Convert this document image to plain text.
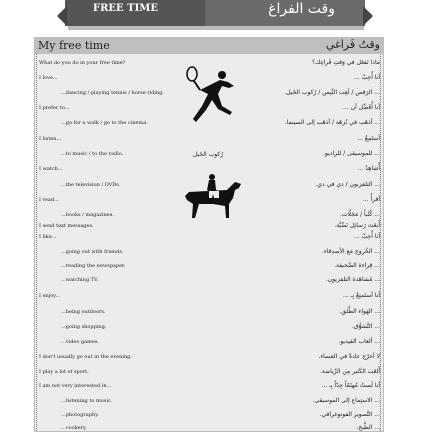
FREE TIME	وقت الفراغ
My free time	وقتُ فَراغي
What do you do in your free time?	ماذا تَفعَل في وَقتِ فَراغِك؟
I love...	أنا أُحِبّ ...
...dancing / playing tennis / horse riding.	... الرَقص / لَعِب التِّنِس / رُكوب الخَيل.
I prefer to...	أنا أُفَضِّل أن ...
...go for a walk / go to the cinema.	... أذهَب في نُزهَة / أذهَب إلى السينما.
I listen...	أستَمِعُ ...
...to music / to the radio.	... للموسيقى / للراديو.
I watch...	أُشاهِدُ ...
...the television / DVDs.	... التلفزيون / دي في دي.
I read...	أقرأُ ...
...books / magazines.	... كُتُباً / مَجَلّات.
I send text messages.	أَبعَث رَسائِل نَصِّيَّة.
I like...	أنا أُحِبّ ...
...going out with friends.	... الخُروج مَع الأصدِقاء.
...reading the newspaper.	... قِراءة الصَّحيفة.
...watching TV.	... مُشاهَدة التلفزيون.
I enjoy...	أنا أستَمتِعُ بِـ ...
...being outdoors.	... الهَواء الطَّلق.
...going shopping.	... التَّسَوُّق.
...video games.	... ألعاب الفيديو.
I don't usually go out in the evening.	لا أخرُج عادةً في المَساء.
I play a lot of sport.	أَلعَب الكَثير مِن الرِّياضة.
I am not very interested in...	أنا لَستُ مُهتَمّاً جِدّاً بِـ ...
...listening to music.	... الاستِماع إلى الموسيقى.
...photography.	... التَّصوير الفوتوغرافي.
...cookery.	... الطَّبخ.
رُكوب الخَيل
